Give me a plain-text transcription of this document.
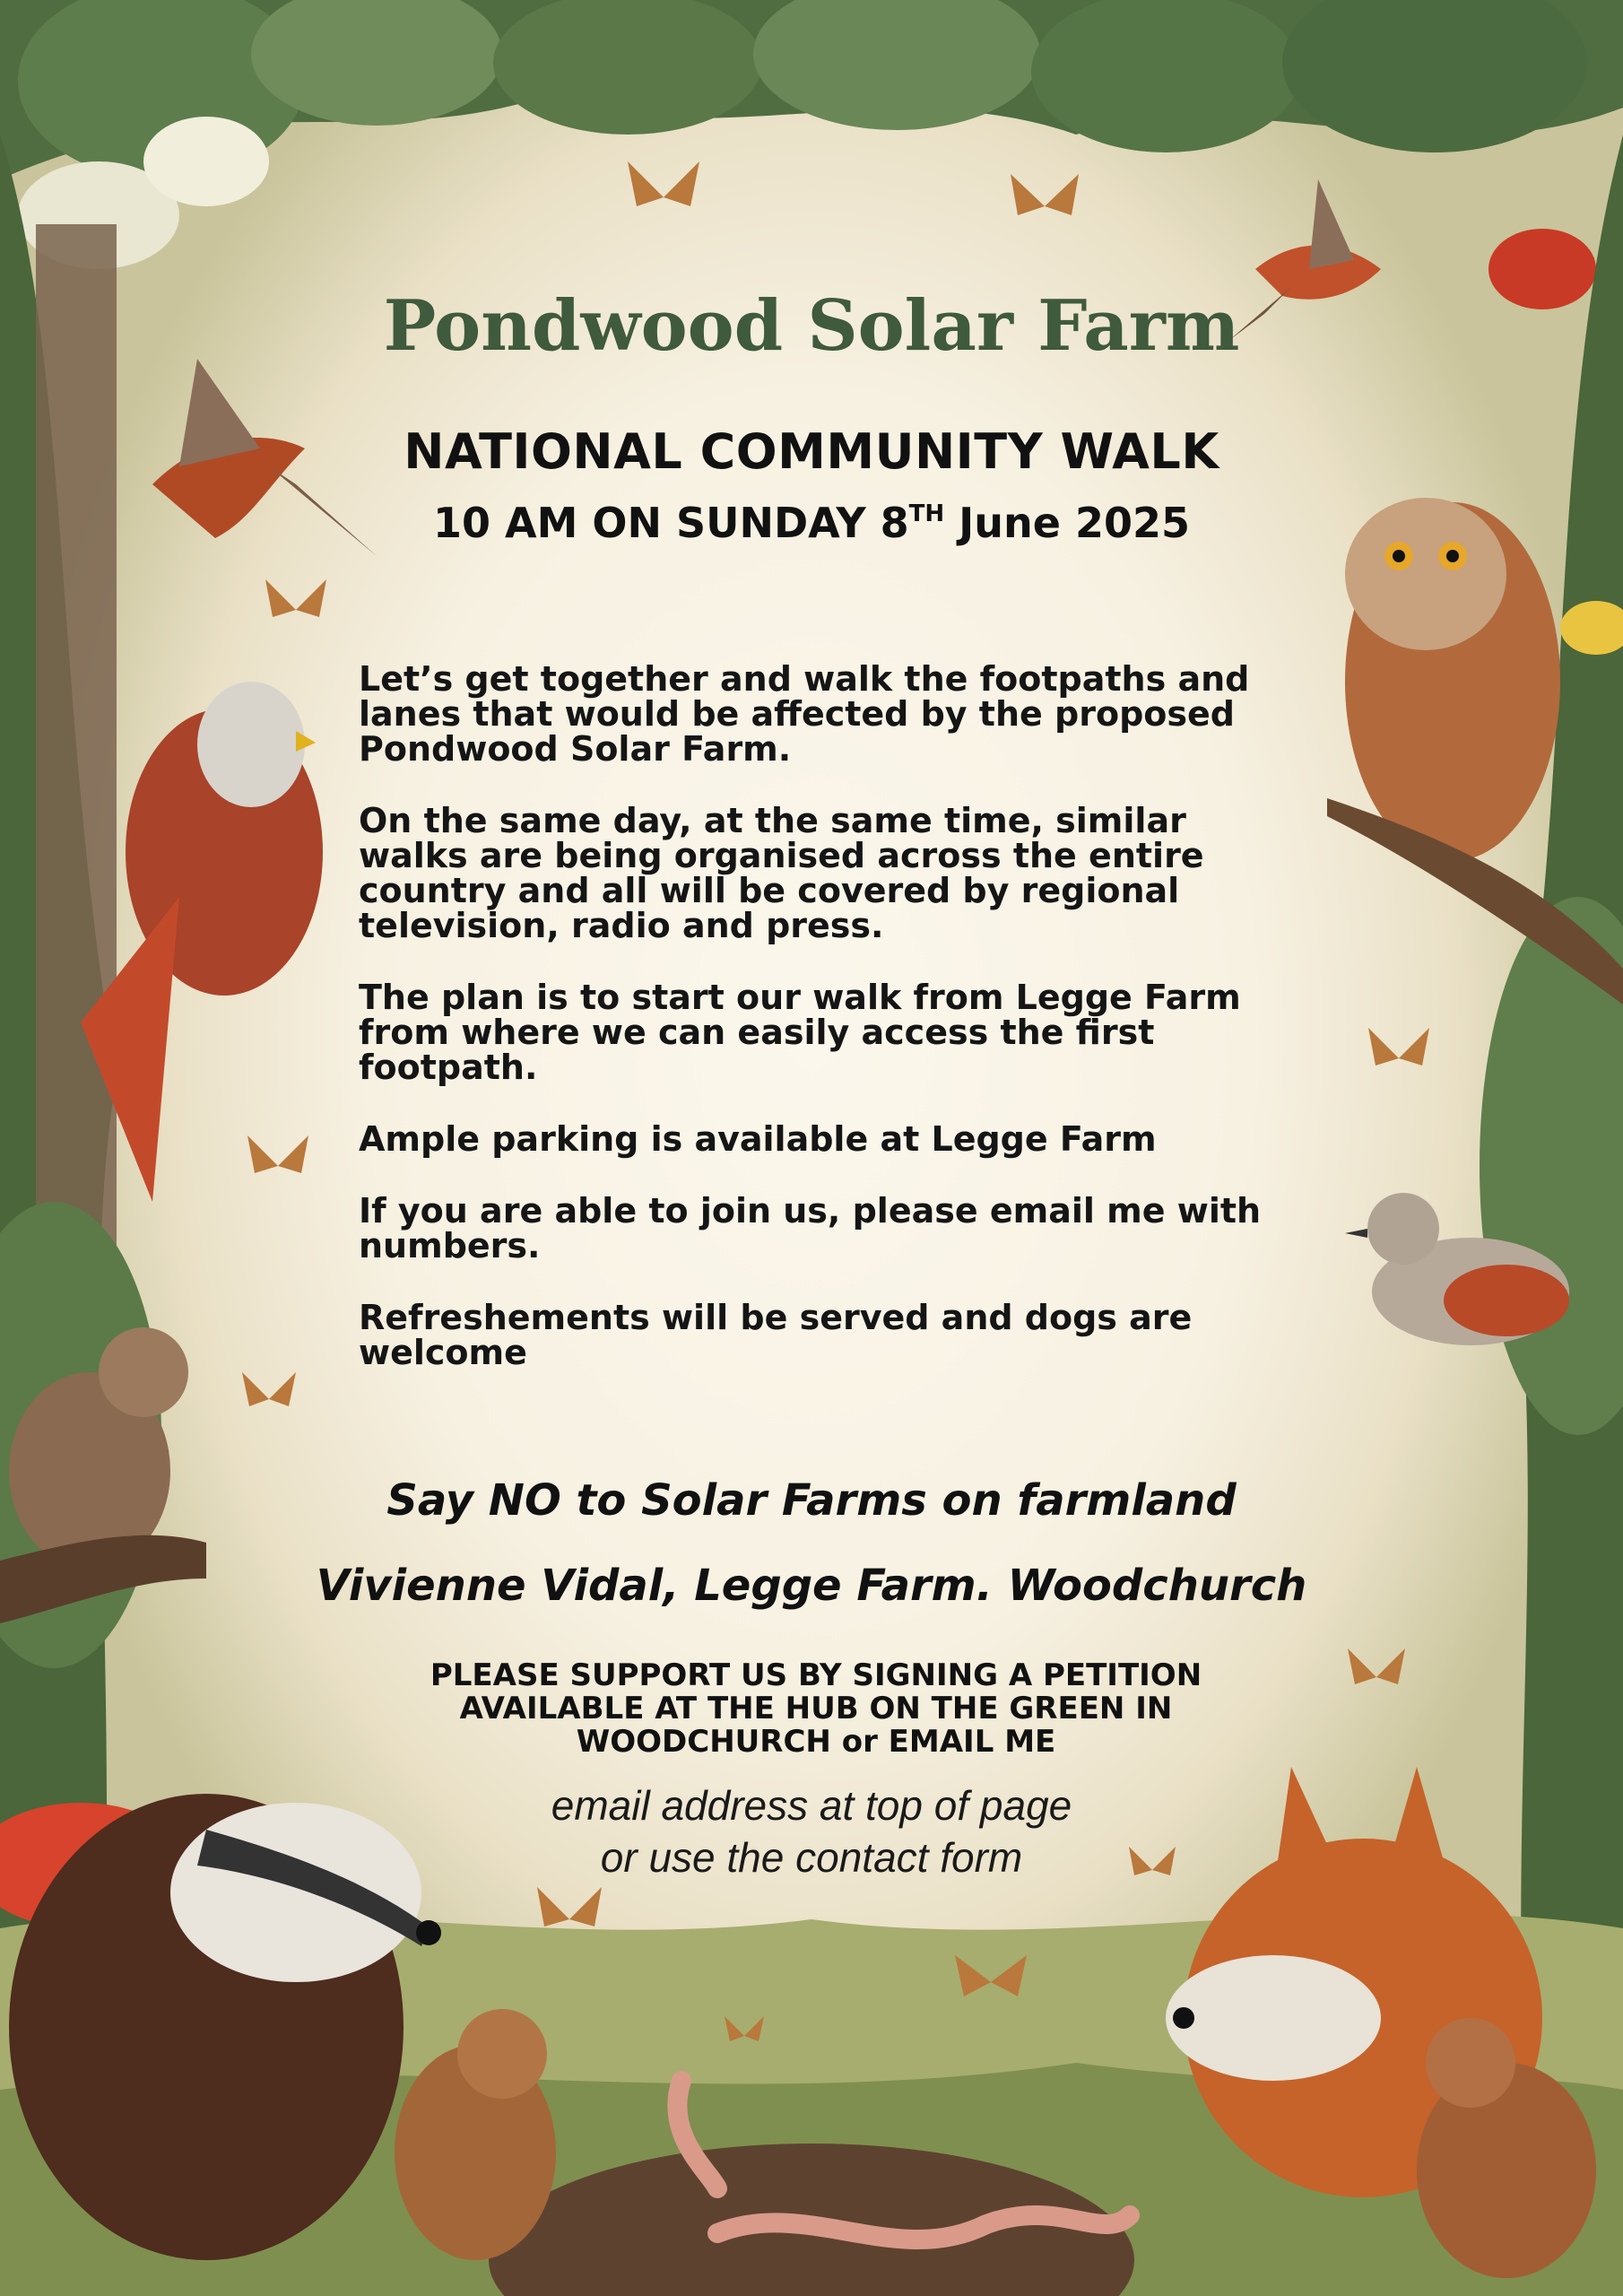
Pondwood Solar Farm
NATIONAL COMMUNITY WALK
10 AM ON SUNDAY 8TH June 2025

Let’s get together and walk the footpaths and lanes that would be affected by the proposed Pondwood Solar Farm.

On the same day, at the same time, similar walks are being organised across the entire country and all will be covered by regional television, radio and press.

The plan is to start our walk from Legge Farm from where we can easily access the first footpath.

Ample parking is available at Legge Farm

If you are able to join us, please email me with numbers.

Refreshements will be served and dogs are welcome

Say NO to Solar Farms on farmland
Vivienne Vidal, Legge Farm. Woodchurch
PLEASE SUPPORT US BY SIGNING A PETITION AVAILABLE AT THE HUB ON THE GREEN IN WOODCHURCH or EMAIL ME
email address at top of page
or use the contact form
